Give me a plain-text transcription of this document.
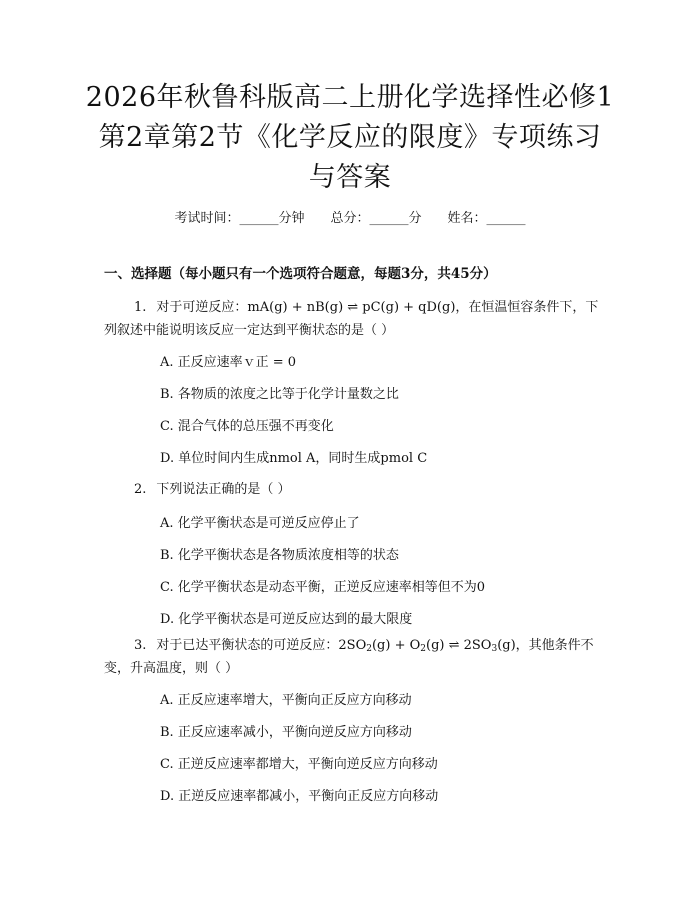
2026年秋鲁科版高二上册化学选择性必修1
第2章第2节《化学反应的限度》专项练习
与答案
考试时间：______分钟 总分：______分 姓名：______
一、选择题（每小题只有一个选项符合题意，每题3分，共45分）
1. 对于可逆反应：mA(g) + nB(g) ⇌ pC(g) + qD(g)，在恒温恒容条件下，下列叙述中能说明该反应一定达到平衡状态的是（ ）
A. 正反应速率ｖ正 = 0
B. 各物质的浓度之比等于化学计量数之比
C. 混合气体的总压强不再变化
D. 单位时间内生成nmol A，同时生成pmol C
2. 下列说法正确的是（ ）
A. 化学平衡状态是可逆反应停止了
B. 化学平衡状态是各物质浓度相等的状态
C. 化学平衡状态是动态平衡，正逆反应速率相等但不为0
D. 化学平衡状态是可逆反应达到的最大限度
3. 对于已达平衡状态的可逆反应：$2SO_2(g) + O_2(g)$ ⇌ $2SO_3(g)$，其他条件不变，升高温度，则（ ）
A. 正反应速率增大，平衡向正反应方向移动
B. 正反应速率减小，平衡向逆反应方向移动
C. 正逆反应速率都增大，平衡向逆反应方向移动
D. 正逆反应速率都减小，平衡向正反应方向移动
